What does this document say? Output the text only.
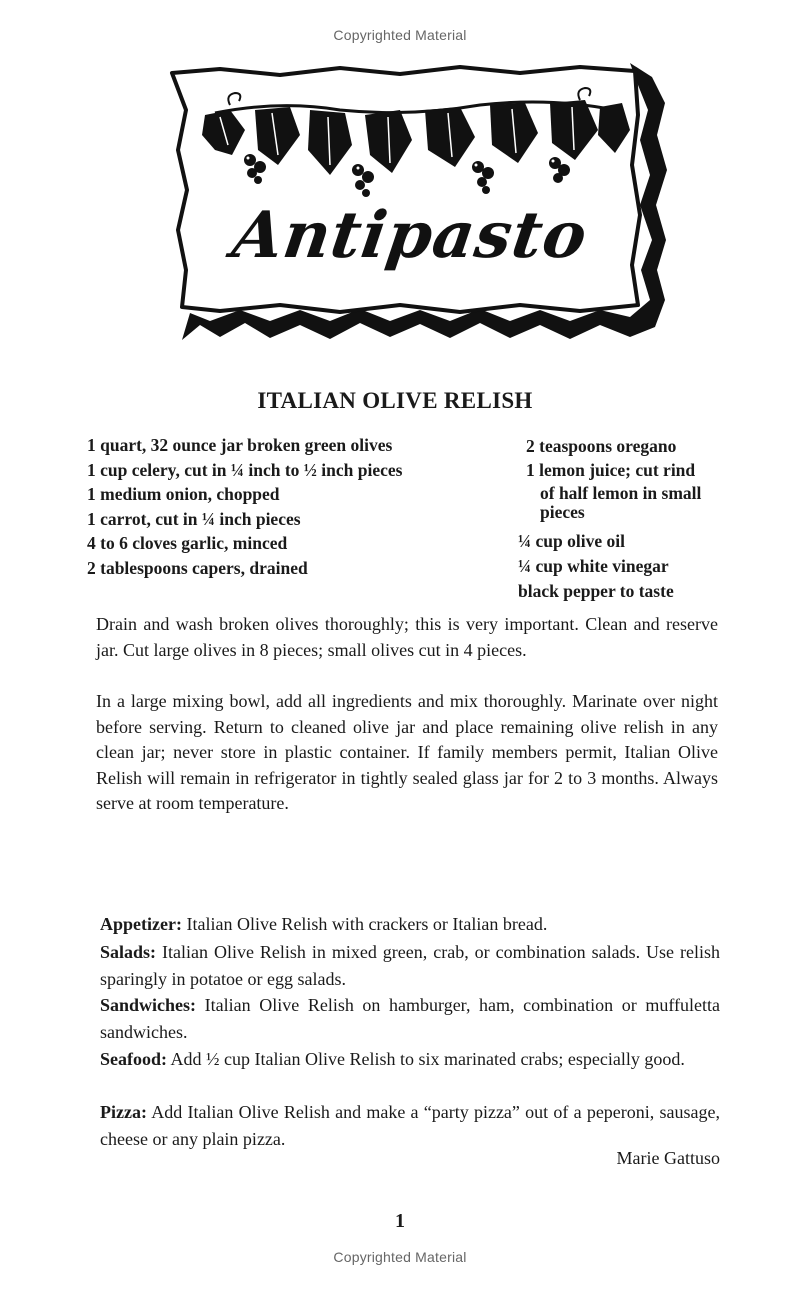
Copyrighted Material
Antipasto
ITALIAN OLIVE RELISH
1 quart, 32 ounce jar broken green olives
1 cup celery, cut in ¼ inch to ½ inch pieces
1 medium onion, chopped
1 carrot, cut in ¼ inch pieces
4 to 6 cloves garlic, minced
2 tablespoons capers, drained
2 teaspoons oregano
1 lemon juice; cut rind
of half lemon in small
pieces
¼ cup olive oil
¼ cup white vinegar
black pepper to taste

Drain and wash broken olives thoroughly; this is very important. Clean and reserve jar. Cut large olives in 8 pieces; small olives cut in 4 pieces.

In a large mixing bowl, add all ingredients and mix thoroughly. Marinate over night before serving. Return to cleaned olive jar and place remaining olive relish in any clean jar; never store in plastic container. If family members permit, Italian Olive Relish will remain in refrigerator in tightly sealed glass jar for 2 to 3 months. Always serve at room temperature.

Appetizer: Italian Olive Relish with crackers or Italian bread.

Salads: Italian Olive Relish in mixed green, crab, or combination salads. Use relish sparingly in potatoe or egg salads.

Sandwiches: Italian Olive Relish on hamburger, ham, combination or muffuletta sandwiches.

Seafood: Add ½ cup Italian Olive Relish to six marinated crabs; especially good.

Pizza: Add Italian Olive Relish and make a “party pizza” out of a peperoni, sausage, cheese or any plain pizza.

Marie Gattuso
1
Copyrighted Material
